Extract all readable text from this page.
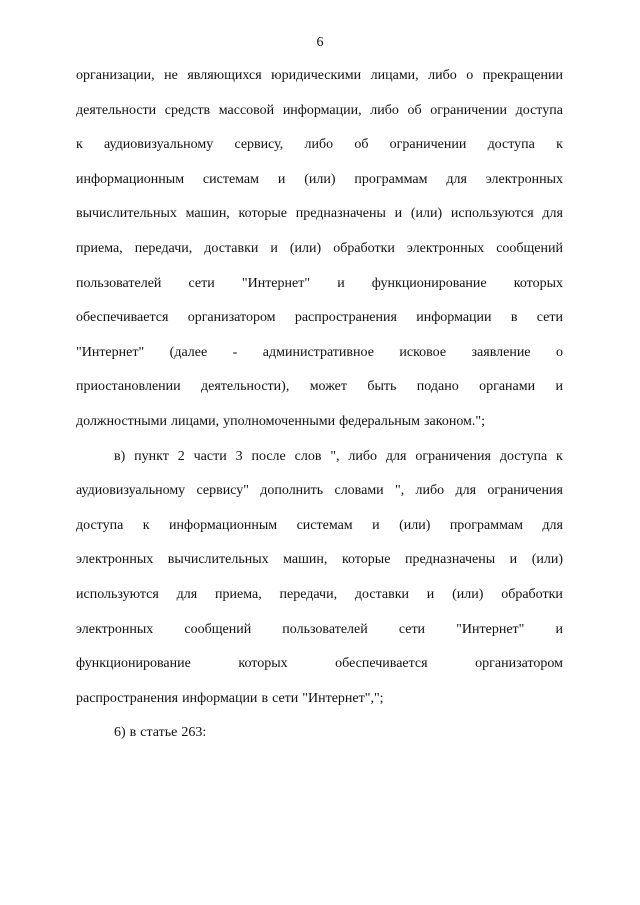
6
организации, не являющихся юридическими лицами, либо о прекращении
деятельности средств массовой информации, либо об ограничении доступа
к аудиовизуальному сервису, либо об ограничении доступа к
информационным системам и (или) программам для электронных
вычислительных машин, которые предназначены и (или) используются для
приема, передачи, доставки и (или) обработки электронных сообщений
пользователей сети "Интернет" и функционирование которых
обеспечивается организатором распространения информации в сети
"Интернет" (далее - административное исковое заявление о
приостановлении деятельности), может быть подано органами и
должностными лицами, уполномоченными федеральным законом.";
в) пункт 2 части 3 после слов ", либо для ограничения доступа к
аудиовизуальному сервису" дополнить словами ", либо для ограничения
доступа к информационным системам и (или) программам для
электронных вычислительных машин, которые предназначены и (или)
используются для приема, передачи, доставки и (или) обработки
электронных сообщений пользователей сети "Интернет" и
функционирование	которых	обеспечивается	организатором
распространения информации в сети "Интернет",";
6) в статье 263:
